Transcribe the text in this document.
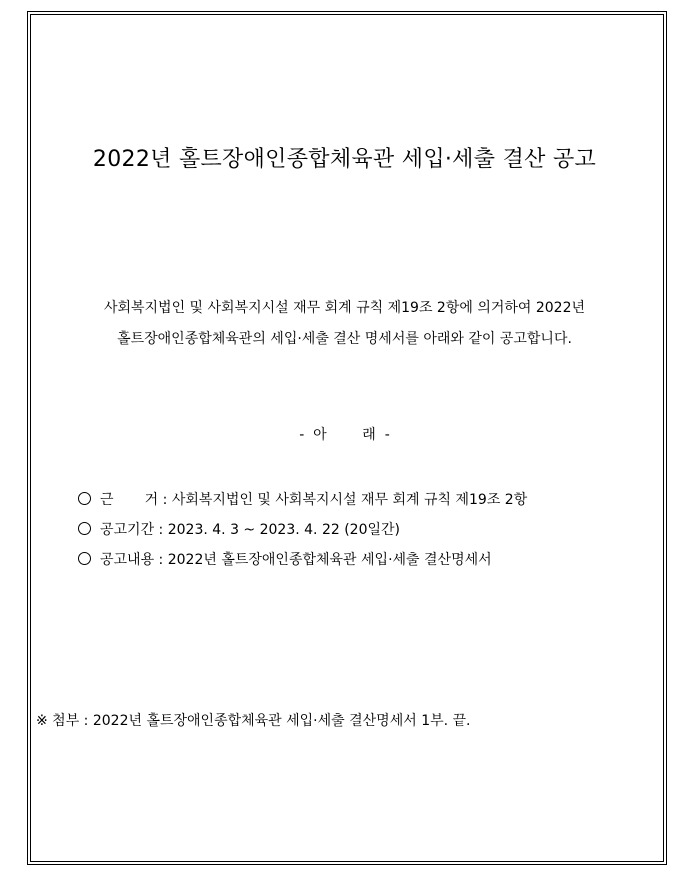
2022년 홀트장애인종합체육관 세입·세출 결산 공고

사회복지법인 및 사회복지시설 재무 회계 규칙 제19조 2항에 의거하여 2022년
홀트장애인종합체육관의 세입·세출 결산 명세서를 아래와 같이 공고합니다.

-  아        래  -

근       거 : 사회복지법인 및 사회복지시설 재무 회계 규칙 제19조 2항
공고기간 : 2023. 4. 3 ~ 2023. 4. 22 (20일간)
공고내용 : 2022년 홀트장애인종합체육관 세입·세출 결산명세서

※ 첨부 : 2022년 홀트장애인종합체육관 세입·세출 결산명세서 1부. 끝.
